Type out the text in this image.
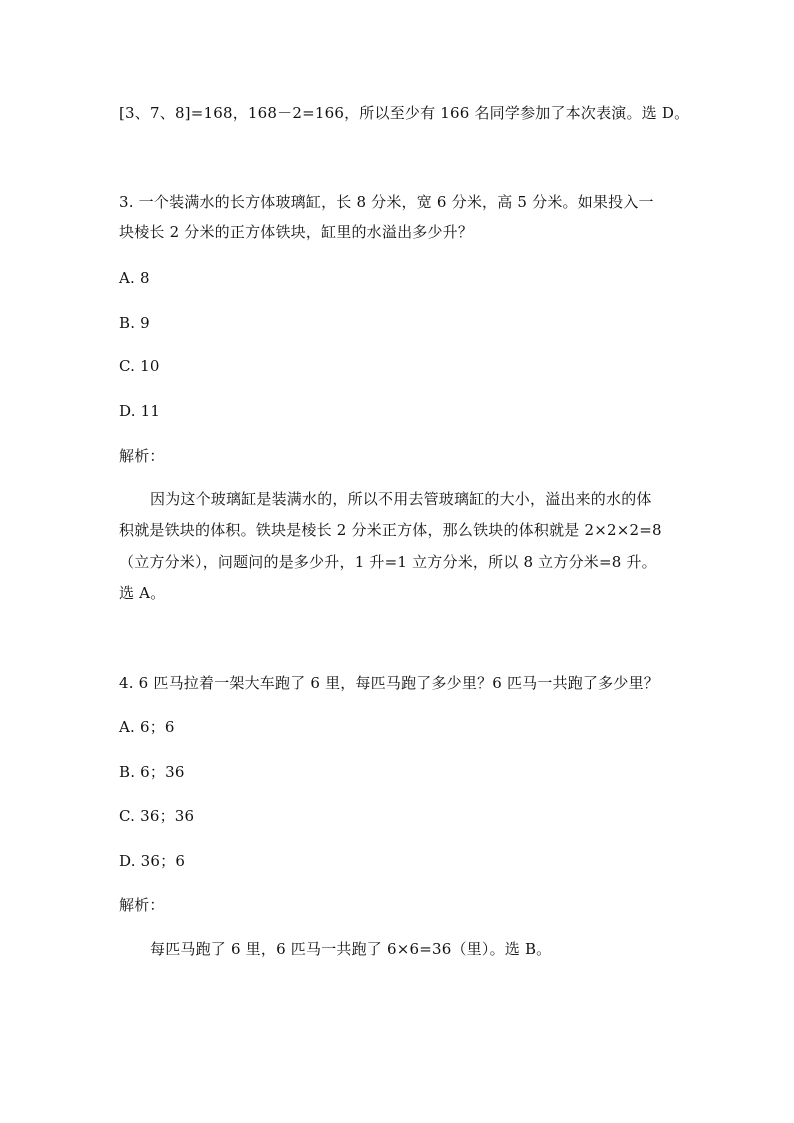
[3、7、8]=168，168－2=166，所以至少有 166 名同学参加了本次表演。选 D。
3. 一个装满水的长方体玻璃缸，长 8 分米，宽 6 分米，高 5 分米。如果投入一
块棱长 2 分米的正方体铁块，缸里的水溢出多少升？
A. 8
B. 9
C. 10
D. 11
解析：
因为这个玻璃缸是装满水的，所以不用去管玻璃缸的大小，溢出来的水的体
积就是铁块的体积。铁块是棱长 2 分米正方体，那么铁块的体积就是 2×2×2=8
（立方分米），问题问的是多少升，1 升=1 立方分米，所以 8 立方分米=8 升。
选 A。
4. 6 匹马拉着一架大车跑了 6 里，每匹马跑了多少里？6 匹马一共跑了多少里？
A. 6；6
B. 6；36
C. 36；36
D. 36；6
解析：
每匹马跑了 6 里，6 匹马一共跑了 6×6=36（里）。选 B。
